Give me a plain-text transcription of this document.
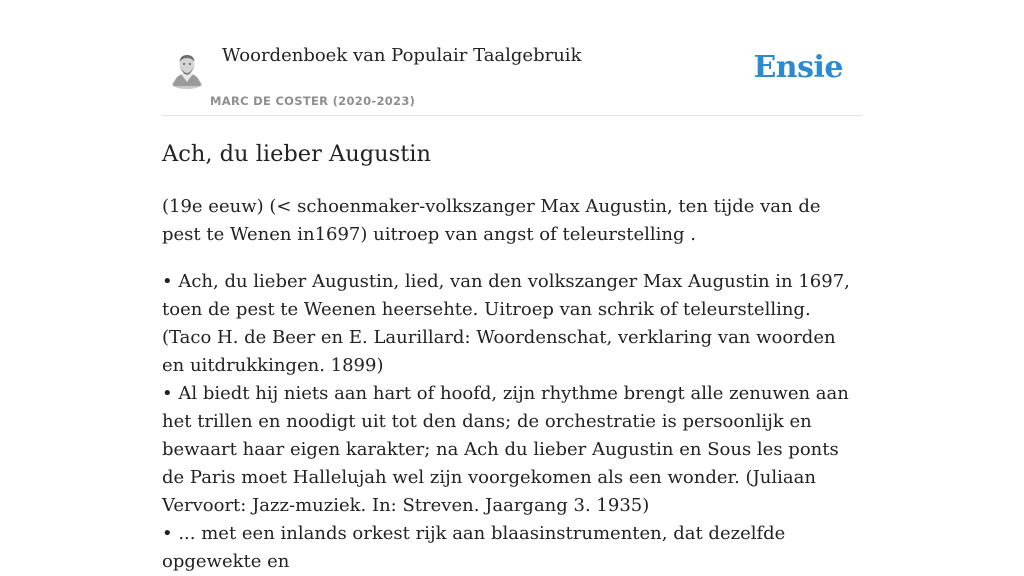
Woordenboek van Populair Taalgebruik
MARC DE COSTER (2020-2023)
Ensie
Ach, du lieber Augustin

(19e eeuw) (< schoenmaker-volkszanger Max Augustin, ten tijde van de pest te Wenen in1697) uitroep van angst of teleurstelling .

• Ach, du lieber Augustin, lied, van den volkszanger Max Augustin in 1697, toen de pest te Weenen heersehte. Uitroep van schrik of teleurstelling. (Taco H. de Beer en E. Laurillard: Woordenschat, verklaring van woorden en uitdrukkingen. 1899)

• Al biedt hij niets aan hart of hoofd, zijn rhythme brengt alle zenuwen aan het trillen en noodigt uit tot den dans; de orchestratie is persoonlijk en bewaart haar eigen karakter; na Ach du lieber Augustin en Sous les ponts de Paris moet Hallelujah wel zijn voorgekomen als een wonder. (Juliaan Vervoort: Jazz-muziek. In: Streven. Jaargang 3. 1935)

• ... met een inlands orkest rijk aan blaasinstrumenten, dat dezelfde opgewekte en
